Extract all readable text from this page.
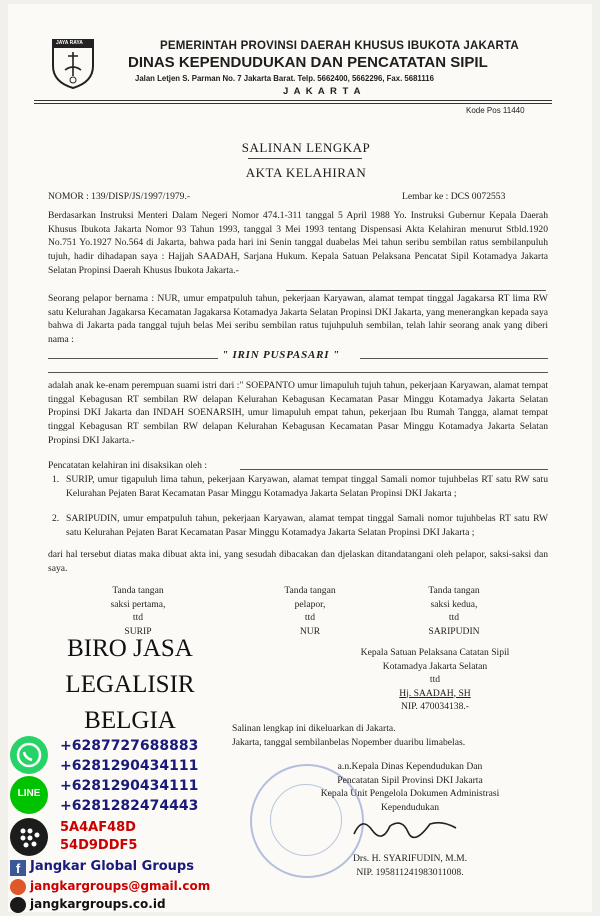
JAYA RAYA	PEMERINTAH PROVINSI DAERAH KHUSUS IBUKOTA JAKARTA
DINAS KEPENDUDUKAN DAN PENCATATAN SIPIL
Jalan Letjen S. Parman No. 7 Jakarta Barat. Telp. 5662400, 5662296, Fax. 5681116
J A K A R T A
Kode Pos 11440
SALINAN LENGKAP
AKTA KELAHIRAN
NOMOR : 139/DISP/JS/1997/1979.-	Lembar ke : DCS 0072553
Berdasarkan Instruksi Menteri Dalam Negeri Nomor 474.1-311 tanggal 5 April 1988 Yo. Instruksi Gubernur Kepala Daerah Khusus Ibukota Jakarta Nomor 93 Tahun 1993, tanggal 3 Mei 1993 tentang Dispensasi Akta Kelahiran menurut Stbld.1920 No.751 Yo.1927 No.564 di Jakarta, bahwa pada hari ini Senin tanggal duabelas Mei tahun seribu sembilan ratus sembilanpuluh tujuh, hadir dihadapan saya : Hajjah SAADAH, Sarjana Hukum. Kepala Satuan Pelaksana Pencatat Sipil Kotamadya Jakarta Selatan Propinsi Daerah Khusus Ibukota Jakarta.-
Seorang pelapor bernama : NUR, umur empatpuluh tahun, pekerjaan Karyawan, alamat tempat tinggal Jagakarsa RT lima RW satu Kelurahan Jagakarsa Kecamatan Jagakarsa Kotamadya Jakarta Selatan Propinsi DKI Jakarta, yang menerangkan kepada saya bahwa di Jakarta pada tanggal tujuh belas Mei seribu sembilan ratus tujuhpuluh sembilan, telah lahir seorang anak yang diberi nama :
" IRIN PUSPASARI "
adalah anak ke-enam perempuan suami istri dari :" SOEPANTO umur limapuluh tujuh tahun, pekerjaan Karyawan, alamat tempat tinggal Kebagusan RT sembilan RW delapan Kelurahan Kebagusan Kecamatan Pasar Minggu Kotamadya Jakarta Selatan Propinsi DKI Jakarta dan INDAH SOENARSIH, umur limapuluh empat tahun, pekerjaan Ibu Rumah Tangga, alamat tempat tinggal Kebagusan RT sembilan RW delapan Kelurahan Kebagusan Kecamatan Pasar Minggu Kotamadya Jakarta Selatan Propinsi DKI Jakarta.-
Pencatatan kelahiran ini disaksikan oleh :
1. SURIP, umur tigapuluh lima tahun, pekerjaan Karyawan, alamat tempat tinggal Samali nomor tujuhbelas RT satu RW satu Kelurahan Pejaten Barat Kecamatan Pasar Minggu Kotamadya Jakarta Selatan Propinsi DKI Jakarta ;
2. SARIPUDIN, umur empatpuluh tahun, pekerjaan Karyawan, alamat tempat tinggal Samali nomor tujuhbelas RT satu RW satu Kelurahan Pejaten Barat Kecamatan Pasar Minggu Kotamadya Jakarta Selatan Propinsi DKI Jakarta ;
dari hal tersebut diatas maka dibuat akta ini, yang sesudah dibacakan dan djelaskan ditandatangani oleh pelapor, saksi-saksi dan saya.
Tanda tangan
saksi pertama,
ttd
SURIP
Tanda tangan
pelapor,
ttd
NUR
Tanda tangan
saksi kedua,
ttd
SARIPUDIN
Kepala Satuan Pelaksana Catatan Sipil
Kotamadya Jakarta Selatan
ttd
Hj. SAADAH, SH
NIP. 470034138.-
Salinan lengkap ini dikeluarkan di Jakarta.
Jakarta, tanggal sembilanbelas Nopember duaribu limabelas.
a.n.Kepala Dinas Kependudukan Dan
Pencatatan Sipil Provinsi DKI Jakarta
Kepala Unit Pengelola Dokumen Administrasi
Kependudukan
Drs. H. SYARIFUDIN, M.M.
NIP. 195811241983011008.
BIRO JASA
LEGALISIR
BELGIA
LINE
+6287727688883
+6281290434111
+6281290434111
+6281282474443
5A4AF48D
54D9DDF5
f Jangkar Global Groups
jangkargroups@gmail.com
jangkargroups.co.id
